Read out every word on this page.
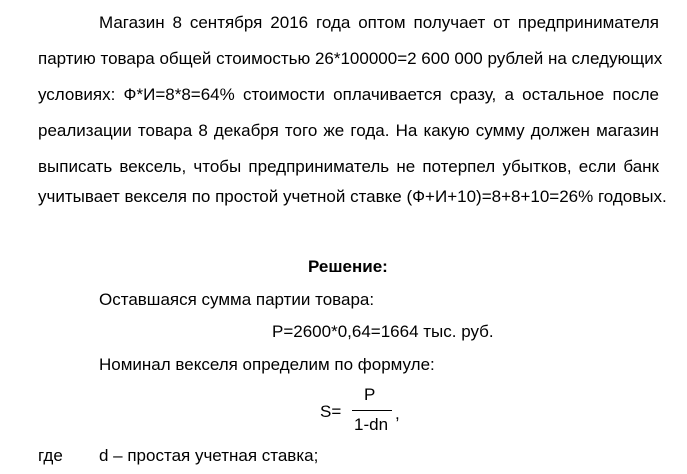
Магазин 8 сентября 2016 года оптом получает от предпринимателя
партию товара общей стоимостью 26*100000=2 600 000 рублей на следующих
условиях: Ф*И=8*8=64% стоимости оплачивается сразу, а остальное после
реализации товара 8 декабря того же года. На какую сумму должен магазин
выписать вексель, чтобы предприниматель не потерпел убытков, если банк
учитывает векселя по простой учетной ставке (Ф+И+10)=8+8+10=26% годовых.
Решение:
Оставшаяся сумма партии товара:
P=2600*0,64=1664 тыс. руб.
Номинал векселя определим по формуле:
S=
P
1-dn
,
где d – простая учетная ставка;
